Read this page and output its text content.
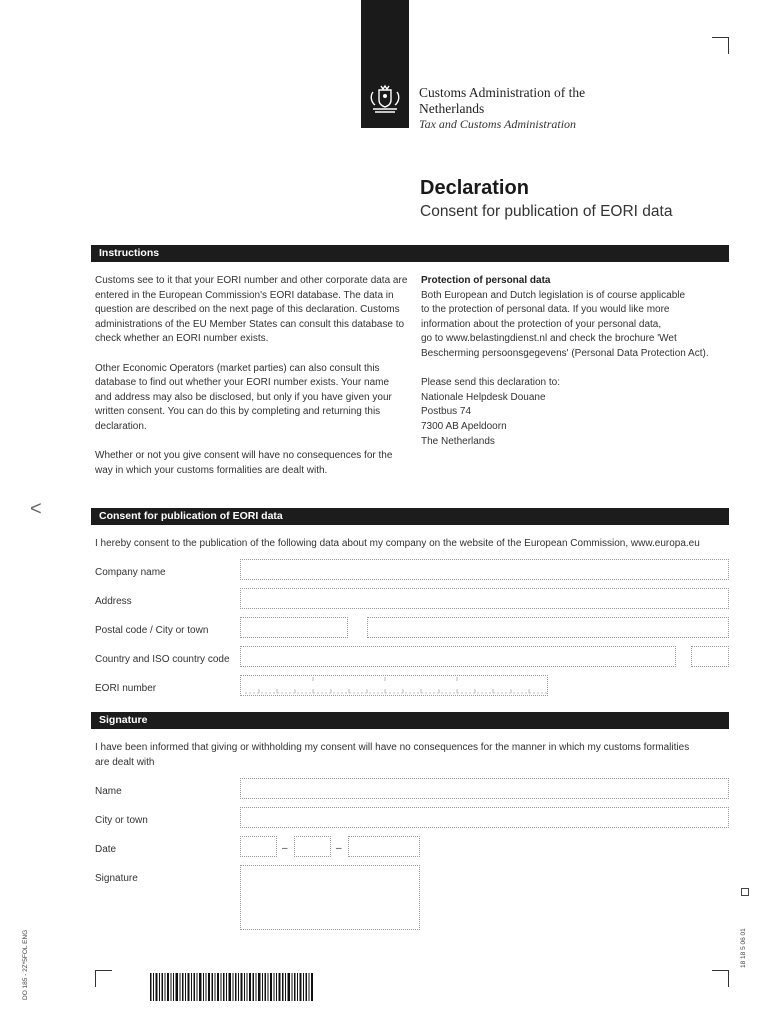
Customs Administration of the
Netherlands
Tax and Customs Administration
Declaration
Consent for publication of EORI data
Instructions

Customs see to it that your EORI number and other corporate data are
entered in the European Commission's EORI database. The data in
question are described on the next page of this declaration. Customs
administrations of the EU Member States can consult this database to
check whether an EORI number exists.

Other Economic Operators (market parties) can also consult this
database to find out whether your EORI number exists. Your name
and address may also be disclosed, but only if you have given your
written consent. You can do this by completing and returning this
declaration.

Whether or not you give consent will have no consequences for the
way in which your customs formalities are dealt with.

Protection of personal data
Both European and Dutch legislation is of course applicable
to the protection of personal data. If you would like more
information about the protection of your personal data,
go to www.belastingdienst.nl and check the brochure 'Wet
Bescherming persoonsgegevens' (Personal Data Protection Act).

Please send this declaration to:
Nationale Helpdesk Douane
Postbus 74
7300 AB Apeldoorn
The Netherlands

<	Consent for publication of EORI data
I hereby consent to the publication of the following data about my company on the website of the European Commission, www.europa.eu
Company name
Address
Postal code / City or town
Country and ISO country code
EORI number
Signature
I have been informed that giving or withholding my consent will have no consequences for the manner in which my customs formalities
are dealt with
Name
City or town
Date	–	–
Signature
DO 185 - 2Z*5FOL ENG	18 18 5 06 01
